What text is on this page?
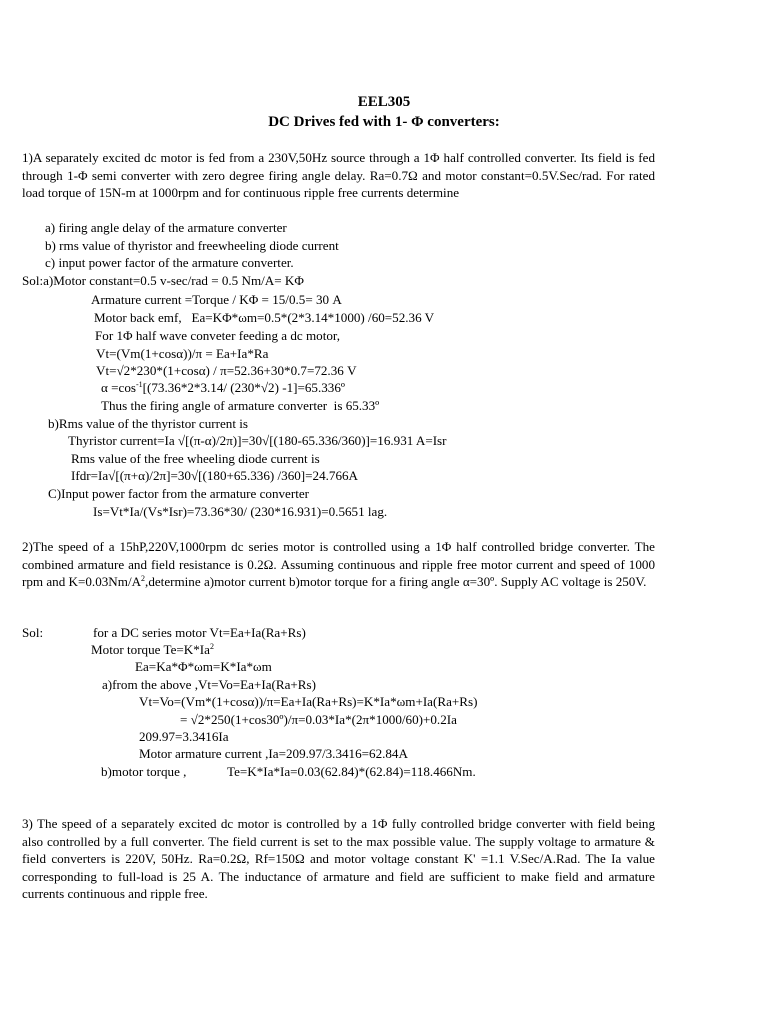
EEL305
DC Drives fed with 1- Φ converters:
1)A separately excited dc motor is fed from a 230V,50Hz source through a 1Φ half controlled converter. Its field is fed through 1-Φ semi converter with zero degree firing angle delay. Ra=0.7Ω and motor constant=0.5V.Sec/rad. For rated load torque of 15N-m at 1000rpm and for continuous ripple free currents determine
a) firing angle delay of the armature converter
b) rms value of thyristor and freewheeling diode current
c) input power factor of the armature converter.
Sol:a)Motor constant=0.5 v-sec/rad = 0.5 Nm/A= KΦ
Armature current =Torque / KΦ = 15/0.5= 30 A
Motor back emf,   Ea=KΦ*ωm=0.5*(2*3.14*1000) /60=52.36 V
For 1Φ half wave conveter feeding a dc motor,
Vt=(Vm(1+cosα))/π = Ea+Ia*Ra
Vt=√2*230*(1+cosα) / π=52.36+30*0.7=72.36 V
$\alpha =\cos^{-1}[(73.36*2*3.14/$ (230*√2) -1]=65.336º
Thus the firing angle of armature converter  is 65.33º
b)Rms value of the thyristor current is
Thyristor current=Ia √[(π-α)/2π)]=30√[(180-65.336/360)]=16.931 A=Isr
Rms value of the free wheeling diode current is
Ifdr=Ia√[(π+α)/2π]=30√[(180+65.336) /360]=24.766A
C)Input power factor from the armature converter
Is=Vt*Ia/(Vs*Isr)=73.36*30/ (230*16.931)=0.5651 lag.
2)The speed of a 15hP,220V,1000rpm dc series motor is controlled using a 1Φ half controlled bridge converter. The combined armature and field resistance is 0.2Ω. Assuming continuous and ripple free motor current and speed of 1000 rpm and $K=0.03Nm/A^2,determine$ a)motor current b)motor torque for a firing angle α=30º. Supply AC voltage is 250V.
Sol:	for a DC series motor Vt=Ea+Ia(Ra+Rs)
Motor torque $Te=K*Ia^2$
Ea=Ka*Φ*ωm=K*Ia*ωm
a)from the above ,Vt=Vo=Ea+Ia(Ra+Rs)
Vt=Vo=(Vm*(1+cosα))/π=Ea+Ia(Ra+Rs)=K*Ia*ωm+Ia(Ra+Rs)
= √2*250(1+cos30º)/π=0.03*Ia*(2π*1000/60)+0.2Ia
209.97=3.3416Ia
Motor armature current ,Ia=209.97/3.3416=62.84A
b)motor torque ,	Te=K*Ia*Ia=0.03(62.84)*(62.84)=118.466Nm.
3) The speed of a separately excited dc motor is controlled by a 1Φ fully controlled bridge converter with field being also controlled by a full converter. The field current is set to the max possible value. The supply voltage to armature & field converters is 220V, 50Hz. Ra=0.2Ω, Rf=150Ω and motor voltage constant K' =1.1 V.Sec/A.Rad. The Ia value corresponding to full-load is 25 A. The inductance of armature and field are sufficient to make field and armature currents continuous and ripple free.
